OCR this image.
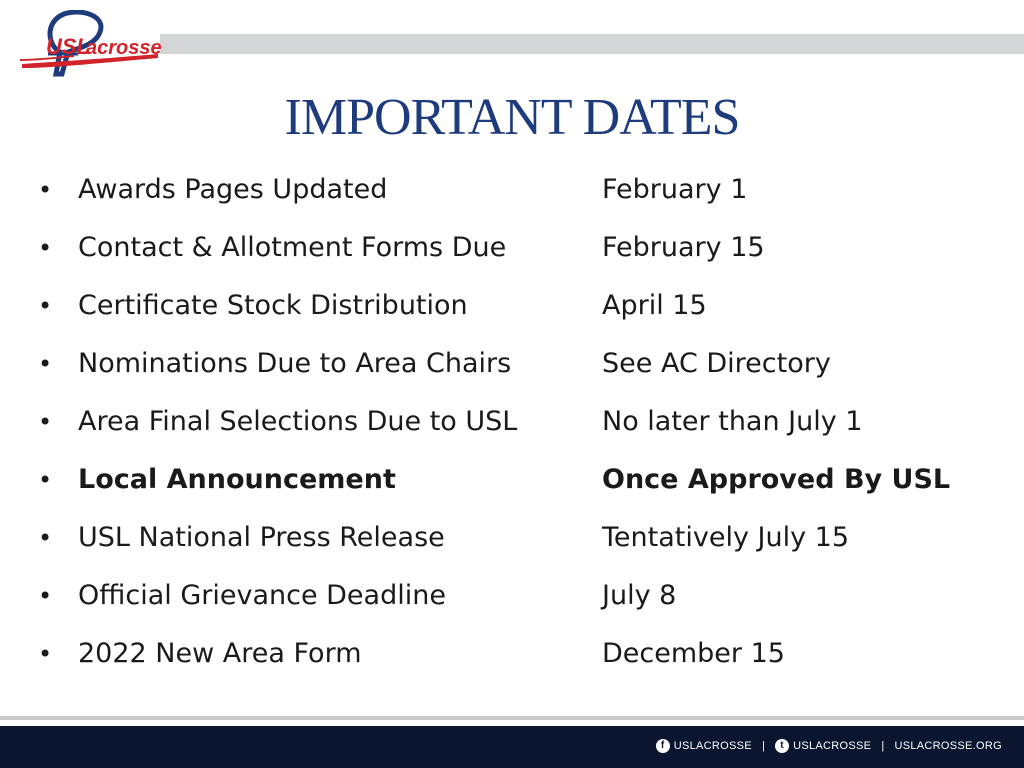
USL
acrosse
IMPORTANT DATES
• Awards Pages Updated	February 1
• Contact & Allotment Forms Due	February 15
• Certificate Stock Distribution	April 15
• Nominations Due to Area Chairs	See AC Directory
• Area Final Selections Due to USL	No later than July 1
• Local Announcement	Once Approved By USL
• USL National Press Release	Tentatively July 15
• Official Grievance Deadline	July 8
• 2022 New Area Form	December 15
f USLACROSSE |	t USLACROSSE | USLACROSSE.ORG
